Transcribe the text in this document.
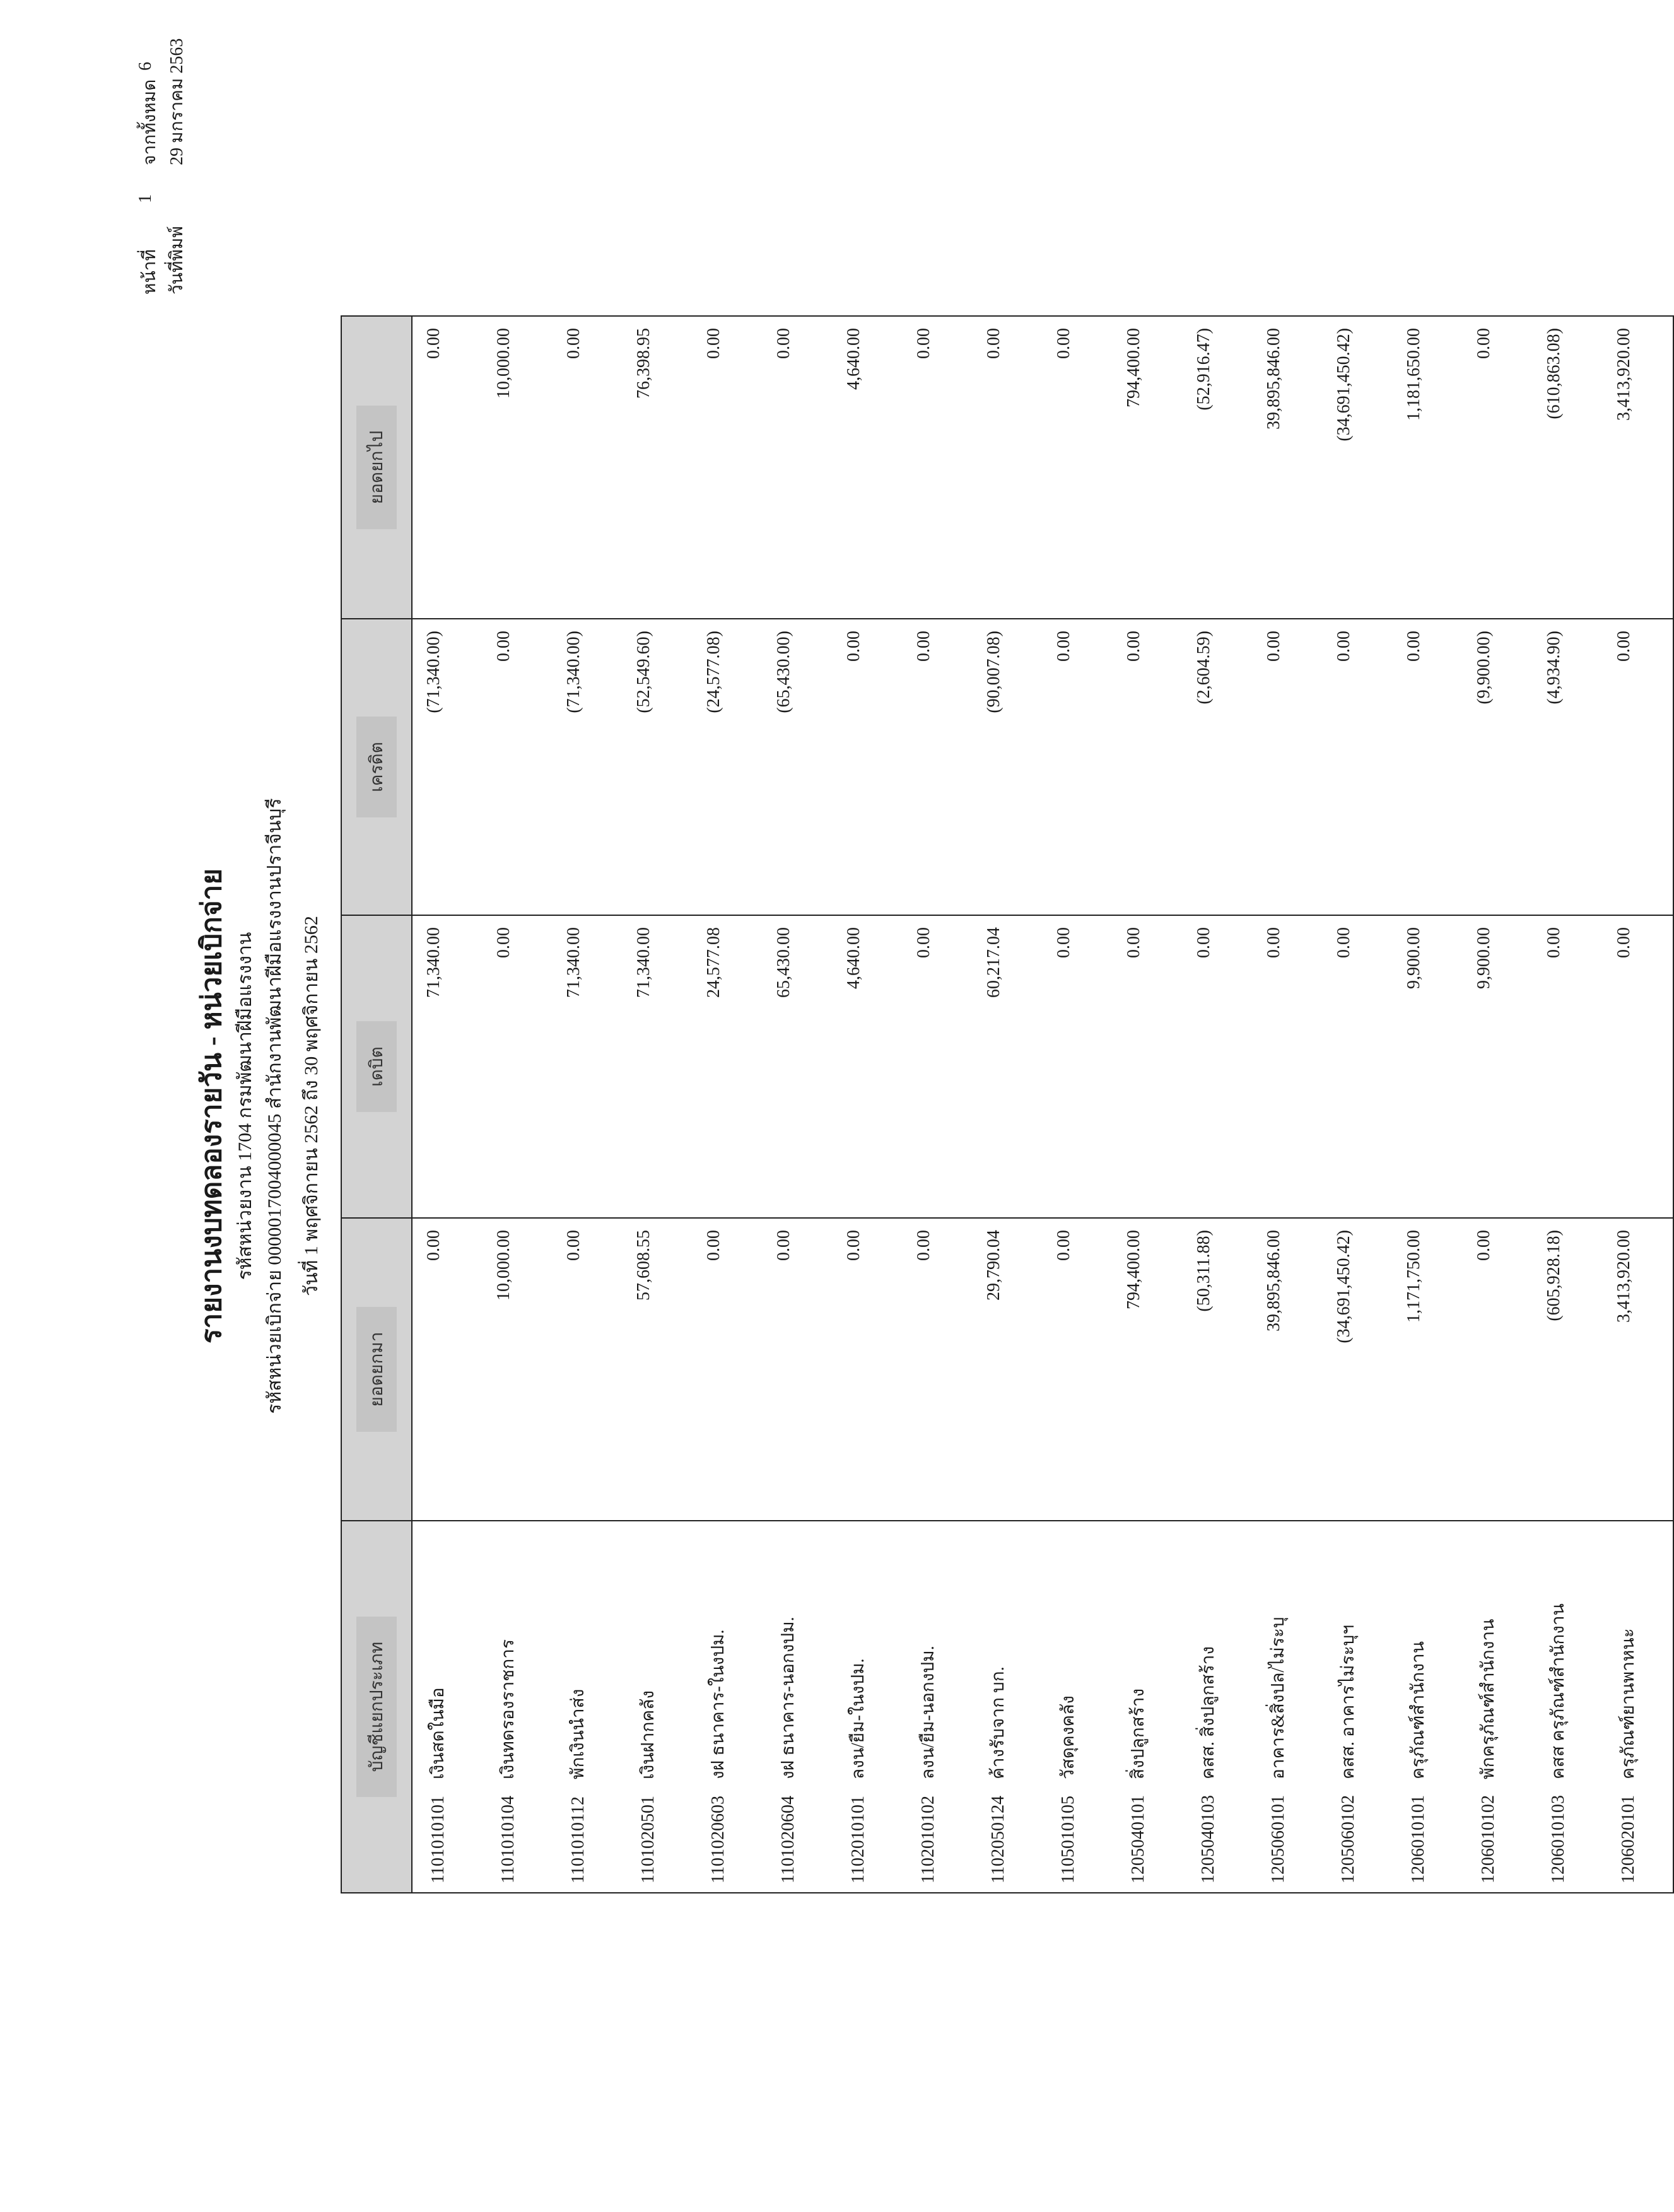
หน้าที่
1
จากทั้งหมด
6
วันที่พิมพ์
29 มกราคม 2563
รายงานงบทดลองรายวัน - หน่วยเบิกจ่าย รหัสหน่วยงาน 1704 กรมพัฒนาฝีมือแรงงาน รหัสหน่วยเบิกจ่าย 0000017004000045 สำนักงานพัฒนาฝีมือแรงงานปราจีนบุรี วันที่ 1 พฤศจิกายน 2562 ถึง 30 พฤศจิกายน 2562
บัญชีแยกประเภท	ยอดยกมา	เดบิต	เครดิต	ยอดยกไป
1101010101เงินสดในมือ	0.00	71,340.00	(71,340.00)	0.00
1101010104เงินทดรองราชการ	10,000.00	0.00	0.00	10,000.00
1101010112พักเงินนำส่ง	0.00	71,340.00	(71,340.00)	0.00
1101020501เงินฝากคลัง	57,608.55	71,340.00	(52,549.60)	76,398.95
1101020603งฝ ธนาคาร-ในงปม.	0.00	24,577.08	(24,577.08)	0.00
1101020604งฝ ธนาคาร-นอกงปม.	0.00	65,430.00	(65,430.00)	0.00
1102010101ลงน/ยืม-ในงปม.	0.00	4,640.00	0.00	4,640.00
1102010102ลงน/ยืม-นอกงปม.	0.00	0.00	0.00	0.00
1102050124ค้างรับจาก บก.	29,790.04	60,217.04	(90,007.08)	0.00
1105010105วัสดุคงคลัง	0.00	0.00	0.00	0.00
1205040101สิ่งปลูกสร้าง	794,400.00	0.00	0.00	794,400.00
1205040103คสส. สิ่งปลูกสร้าง	(50,311.88)	0.00	(2,604.59)	(52,916.47)
1205060101อาคาร&สิ่งปล/ไม่ระบุ	39,895,846.00	0.00	0.00	39,895,846.00
1205060102คสส. อาคารไม่ระบุฯ	(34,691,450.42)	0.00	0.00	(34,691,450.42)
1206010101ครุภัณฑ์สำนักงาน	1,171,750.00	9,900.00	0.00	1,181,650.00
1206010102พักครุภัณฑ์สำนักงาน	0.00	9,900.00	(9,900.00)	0.00
1206010103คสส ครุภัณฑ์สำนักงาน	(605,928.18)	0.00	(4,934.90)	(610,863.08)
1206020101ครุภัณฑ์ยานพาหนะ	3,413,920.00	0.00	0.00	3,413,920.00
